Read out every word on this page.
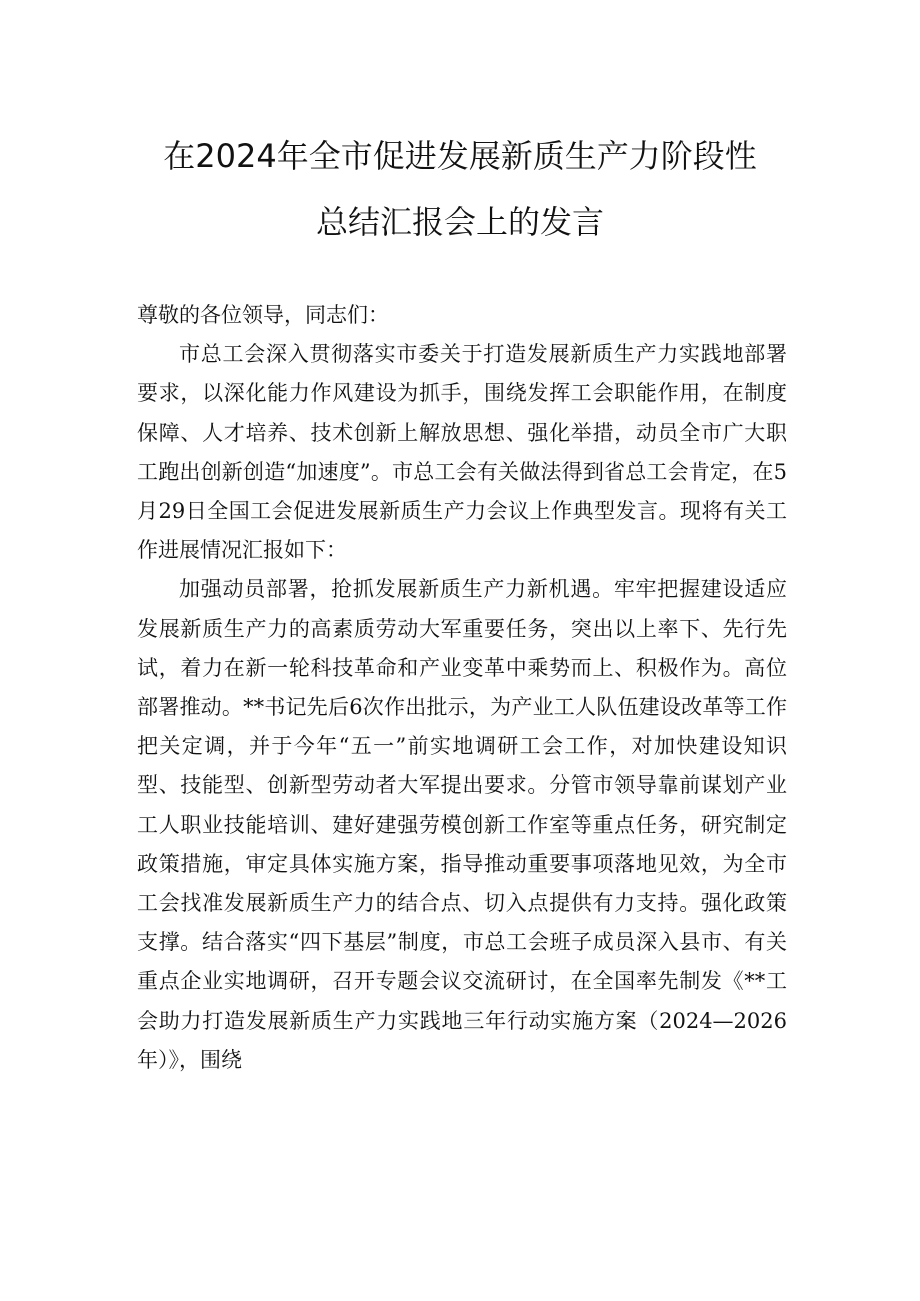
在2024年全市促进发展新质生产力阶段性
总结汇报会上的发言

尊敬的各位领导，同志们：

市总工会深入贯彻落实市委关于打造发展新质生产力实践地部署要求，以深化能力作风建设为抓手，围绕发挥工会职能作用，在制度保障、人才培养、技术创新上解放思想、强化举措，动员全市广大职工跑出创新创造“加速度”。市总工会有关做法得到省总工会肯定，在5月29日全国工会促进发展新质生产力会议上作典型发言。现将有关工作进展情况汇报如下：

加强动员部署，抢抓发展新质生产力新机遇。牢牢把握建设适应发展新质生产力的高素质劳动大军重要任务，突出以上率下、先行先试，着力在新一轮科技革命和产业变革中乘势而上、积极作为。高位部署推动。**书记先后6次作出批示，为产业工人队伍建设改革等工作把关定调，并于今年“五一”前实地调研工会工作，对加快建设知识型、技能型、创新型劳动者大军提出要求。分管市领导靠前谋划产业工人职业技能培训、建好建强劳模创新工作室等重点任务，研究制定政策措施，审定具体实施方案，指导推动重要事项落地见效，为全市工会找准发展新质生产力的结合点、切入点提供有力支持。强化政策支撑。结合落实“四下基层”制度，市总工会班子成员深入县市、有关重点企业实地调研，召开专题会议交流研讨，在全国率先制发《**工会助力打造发展新质生产力实践地三年行动实施方案（2024—2026年）》，围绕
